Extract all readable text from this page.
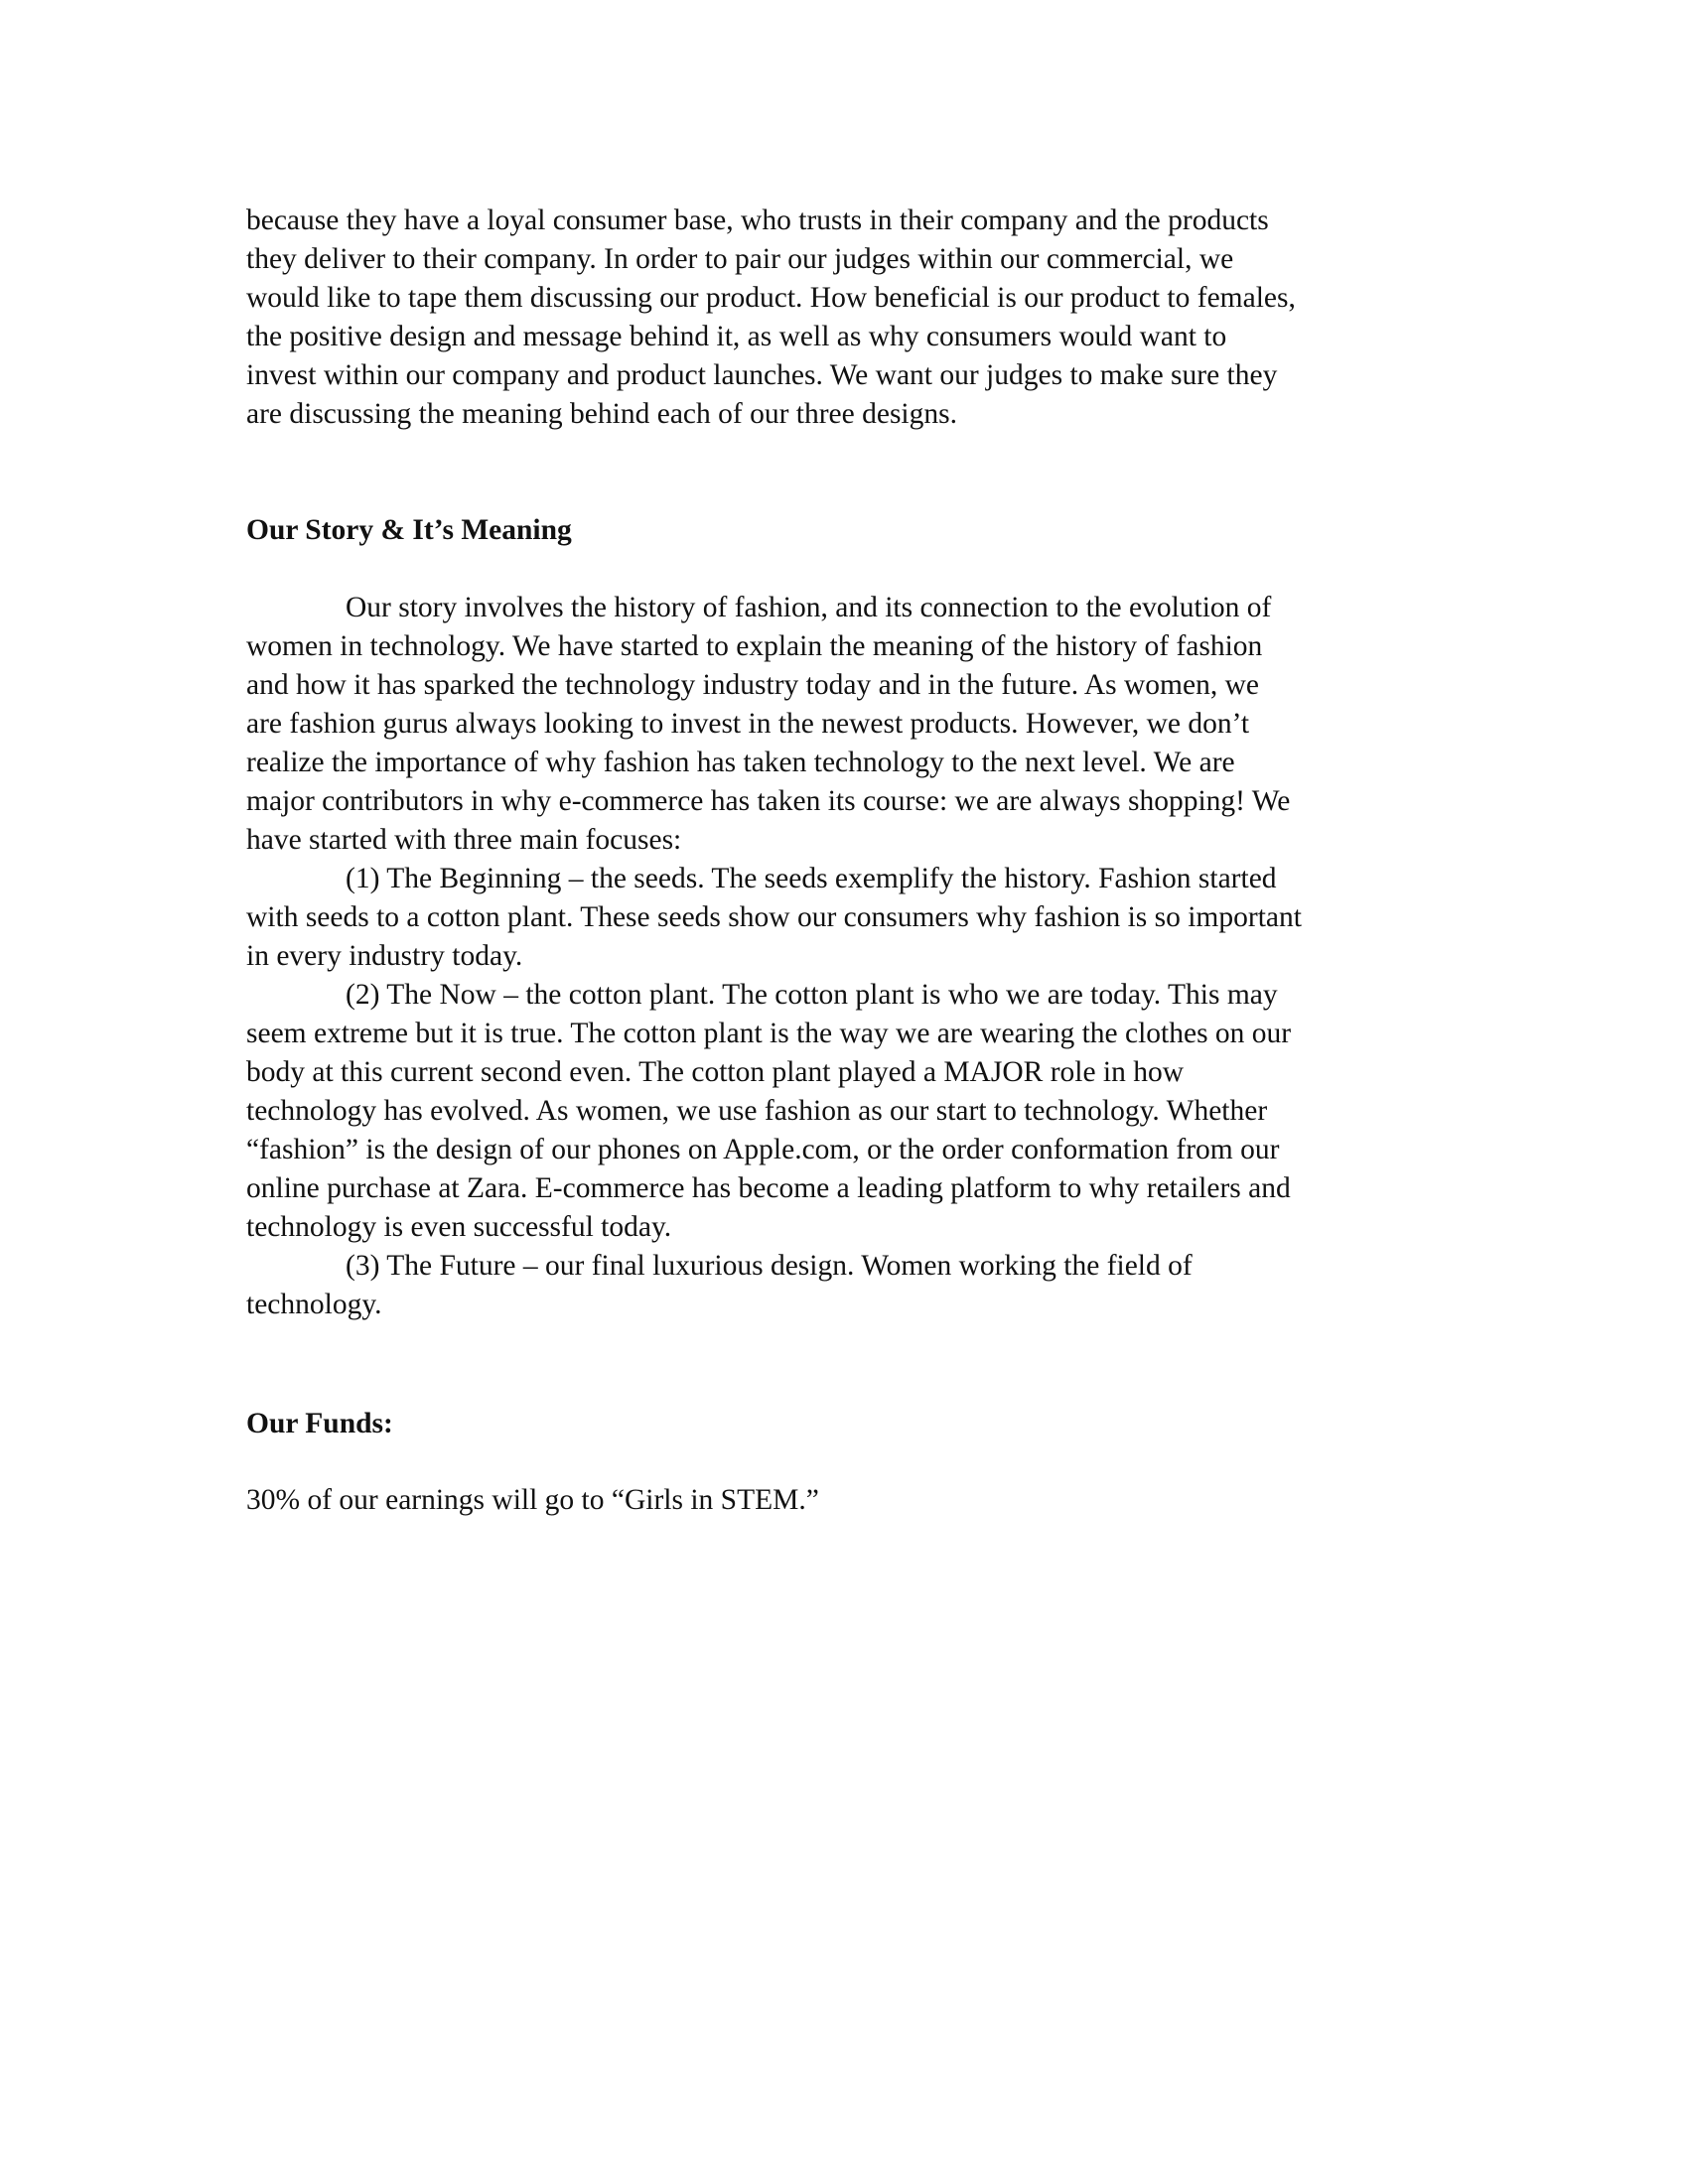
because they have a loyal consumer base, who trusts in their company and the products
they deliver to their company. In order to pair our judges within our commercial, we
would like to tape them discussing our product. How beneficial is our product to females,
the positive design and message behind it, as well as why consumers would want to
invest within our company and product launches. We want our judges to make sure they
are discussing the meaning behind each of our three designs.
Our Story & It’s Meaning
Our story involves the history of fashion, and its connection to the evolution of
women in technology. We have started to explain the meaning of the history of fashion
and how it has sparked the technology industry today and in the future. As women, we
are fashion gurus always looking to invest in the newest products. However, we don’t
realize the importance of why fashion has taken technology to the next level. We are
major contributors in why e-commerce has taken its course: we are always shopping! We
have started with three main focuses:
(1) The Beginning – the seeds. The seeds exemplify the history. Fashion started
with seeds to a cotton plant. These seeds show our consumers why fashion is so important
in every industry today.
(2) The Now – the cotton plant. The cotton plant is who we are today. This may
seem extreme but it is true. The cotton plant is the way we are wearing the clothes on our
body at this current second even. The cotton plant played a MAJOR role in how
technology has evolved. As women, we use fashion as our start to technology. Whether
“fashion” is the design of our phones on Apple.com, or the order conformation from our
online purchase at Zara. E-commerce has become a leading platform to why retailers and
technology is even successful today.
(3) The Future – our final luxurious design. Women working the field of
technology.
Our Funds:
30% of our earnings will go to “Girls in STEM.”
